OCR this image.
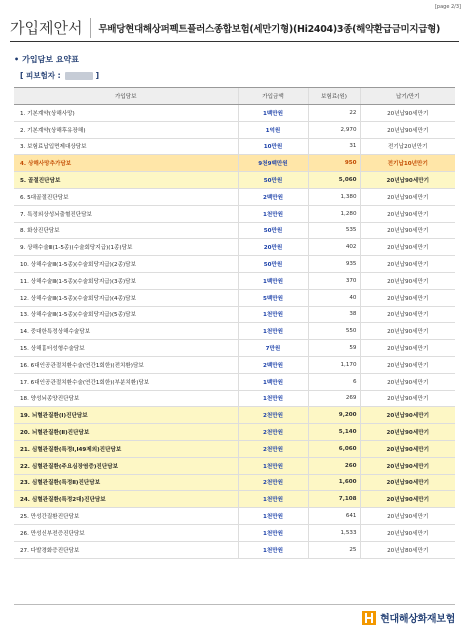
[page 2/3]
가입제안서	무배당현대해상퍼펙트플러스종합보험(세만기형)(Hi2404)3종(해약환급금미지급형)
• 가입담보 요약표
[ 피보험자 :	]
가입담보	가입금액	보험료(원)	납기/만기
1. 기본계약(상해사망)	1백만원	22	20년납90세만기
2. 기본계약(상해후유장해)	1억원	2,970	20년납90세만기
3. 보험료납입면제대상담보	10만원	31	전기납20년만기
4. 상해사망추가담보	9천9백만원	950	전기납10년만기
5. 골절진단담보	50만원	5,060	20년납90세만기
6. 5대골절진단담보	2백만원	1,380	20년납90세만기
7. 특정외상성뇌출혈진단담보	1천만원	1,280	20년납90세만기
8. 화상진단담보	50만원	535	20년납90세만기
9. 상해수술Ⅲ(1-5종)(수술회당지급)(1종)담보	20만원	402	20년납90세만기
10. 상해수술Ⅲ(1-5종)(수술회당지급)(2종)담보	50만원	935	20년납90세만기
11. 상해수술Ⅲ(1-5종)(수술회당지급)(3종)담보	1백만원	370	20년납90세만기
12. 상해수술Ⅲ(1-5종)(수술회당지급)(4종)담보	5백만원	40	20년납90세만기
13. 상해수술Ⅲ(1-5종)(수술회당지급)(5종)담보	1천만원	38	20년납90세만기
14. 중대한특정상해수술담보	1천만원	550	20년납90세만기
15. 상해흉터성형수술담보	7만원	59	20년납90세만기
16. 6대인공관절치환수술(연간1회한)(전치환)담보	2백만원	1,170	20년납90세만기
17. 6대인공관절치환수술(연간1회한)(부분치환)담보	1백만원	6	20년납90세만기
18. 양성뇌종양진단담보	1천만원	269	20년납90세만기
19. 뇌혈관질환(Ⅰ)진단담보	2천만원	9,200	20년납90세만기
20. 뇌혈관질환(Ⅱ)진단담보	2천만원	5,140	20년납90세만기
21. 심혈관질환(특정Ⅰ,I49제외)진단담보	2천만원	6,060	20년납90세만기
22. 심혈관질환(주요심장염증)진단담보	1천만원	260	20년납90세만기
23. 심혈관질환(특정Ⅱ)진단담보	2천만원	1,600	20년납90세만기
24. 심혈관질환(특정2대)진단담보	1천만원	7,108	20년납90세만기
25. 만성간질환진단담보	1천만원	641	20년납90세만기
26. 만성신부전증진단담보	1천만원	1,533	20년납90세만기
27. 다발경화증진단담보	1천만원	25	20년납80세만기
현대해상화재보험
